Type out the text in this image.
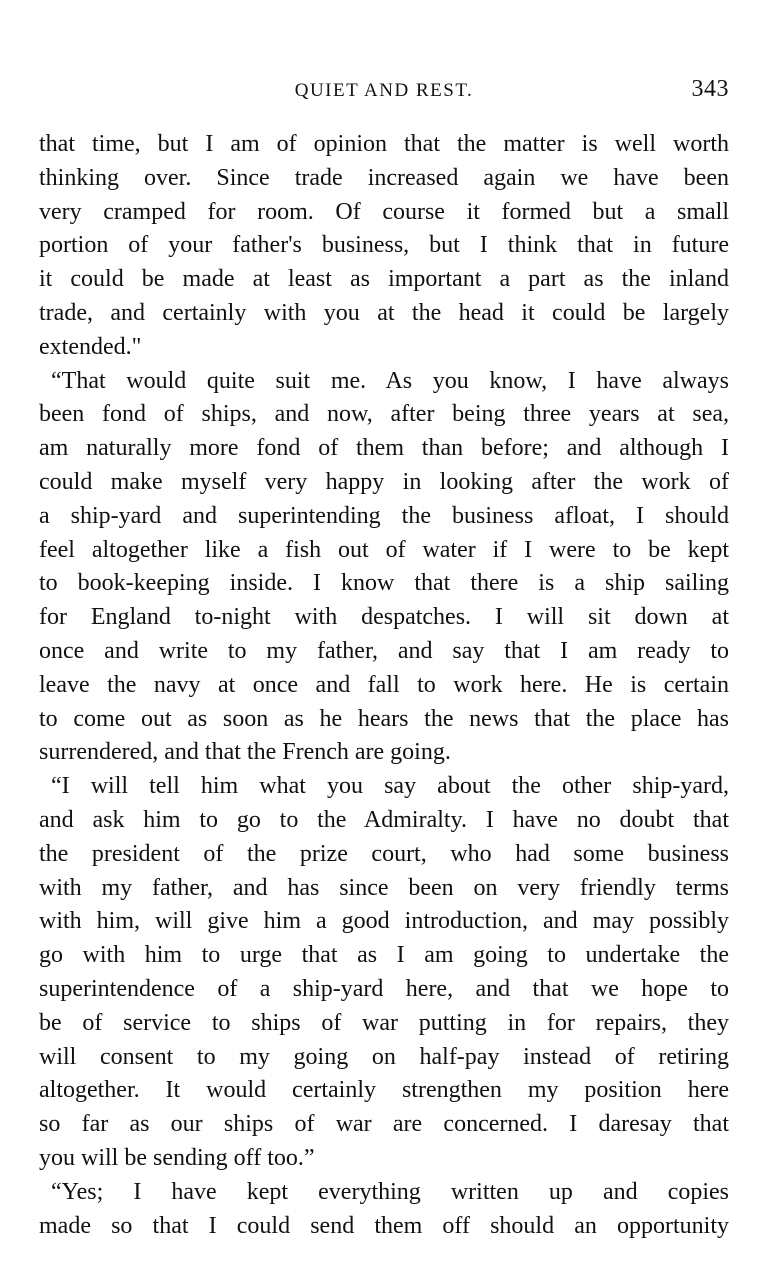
QUIET AND REST.	343
that time, but I am of opinion that the matter is well worth
thinking over. Since trade increased again we have been
very cramped for room. Of course it formed but a small
portion of your father's business, but I think that in future
it could be made at least as important a part as the inland
trade, and certainly with you at the head it could be largely
extended."
“That would quite suit me. As you know, I have always
been fond of ships, and now, after being three years at sea,
am naturally more fond of them than before; and although I
could make myself very happy in looking after the work of
a ship-yard and superintending the business afloat, I should
feel altogether like a fish out of water if I were to be kept
to book-keeping inside. I know that there is a ship sailing
for England to-night with despatches. I will sit down at
once and write to my father, and say that I am ready to
leave the navy at once and fall to work here. He is certain
to come out as soon as he hears the news that the place has
surrendered, and that the French are going.
“I will tell him what you say about the other ship-yard,
and ask him to go to the Admiralty. I have no doubt that
the president of the prize court, who had some business
with my father, and has since been on very friendly terms
with him, will give him a good introduction, and may possibly
go with him to urge that as I am going to undertake the
superintendence of a ship-yard here, and that we hope to
be of service to ships of war putting in for repairs, they
will consent to my going on half-pay instead of retiring
altogether. It would certainly strengthen my position here
so far as our ships of war are concerned. I daresay that
you will be sending off too.”
“Yes; I have kept everything written up and copies
made so that I could send them off should an opportunity
